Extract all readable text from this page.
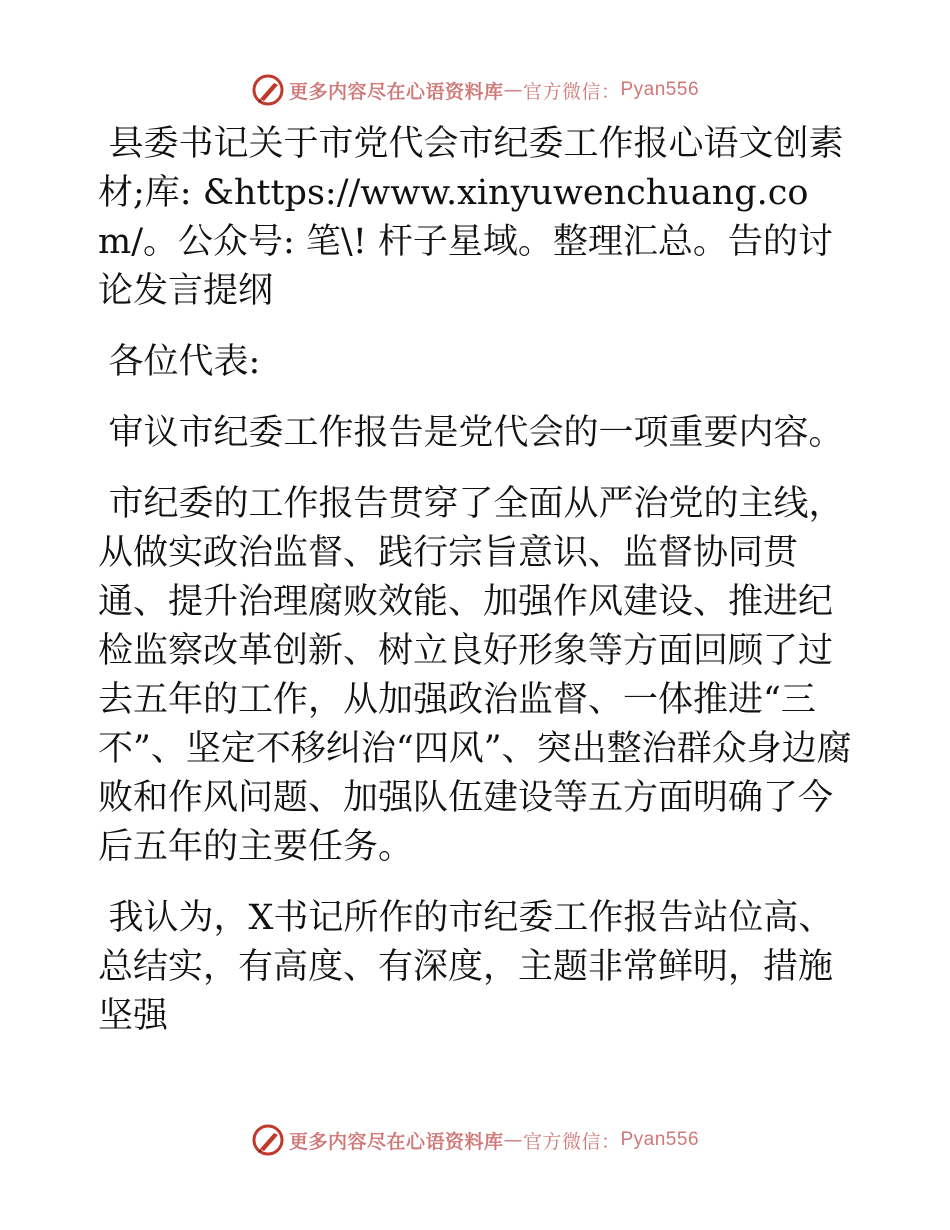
更多内容尽在心语资料库 — 官方微信： Pyan556

县委书记关于市党代会市纪委工作报心语文创素材;库: &https://www.xinyuwenchuang.com/。公众号: 笔\! 杆子星域。整理汇总。告的讨论发言提纲

各位代表:

审议市纪委工作报告是党代会的一项重要内容。

市纪委的工作报告贯穿了全面从严治党的主线，从做实政治监督、践行宗旨意识、监督协同贯通、提升治理腐败效能、加强作风建设、推进纪检监察改革创新、树立良好形象等方面回顾了过去五年的工作，从加强政治监督、一体推进“三不”、坚定不移纠治“四风”、突出整治群众身边腐败和作风问题、加强队伍建设等五方面明确了今后五年的主要任务。

我认为，X书记所作的市纪委工作报告站位高、总结实，有高度、有深度，主题非常鲜明，措施坚强

更多内容尽在心语资料库 — 官方微信： Pyan556
